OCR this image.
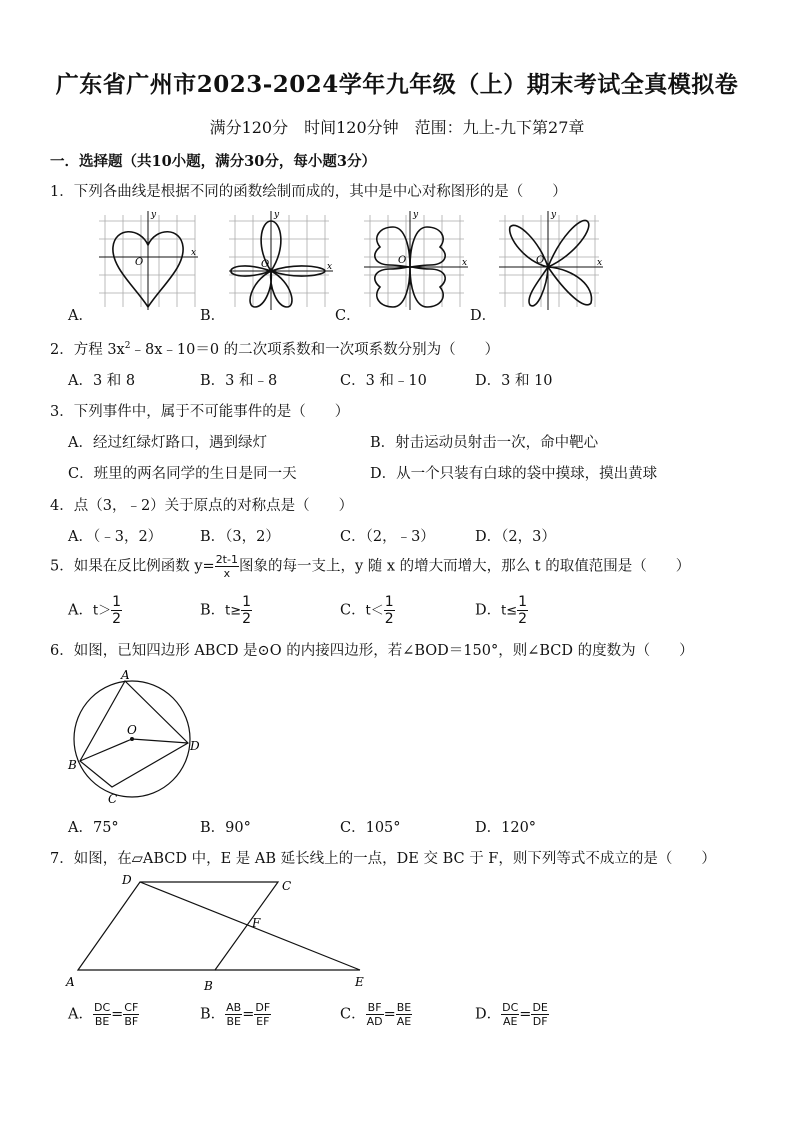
广东省广州市2023-2024学年九年级（上）期末考试全真模拟卷
满分120分　时间120分钟　范围：九上-九下第27章
一．选择题（共10小题，满分30分，每小题3分）
1．下列各曲线是根据不同的函数绘制而成的，其中是中心对称图形的是（　　）
y
x
O
y
x
O
y
x
O
y
x
O
A．	B．	C．	D．
2．方程 $3x^2﹣8x﹣10=0$ 的二次项系数和一次项系数分别为（　　）
A．3 和 8	B．3 和﹣8	C．3 和﹣10	D．3 和 10
3．下列事件中，属于不可能事件的是（　　）
A．经过红绿灯路口，遇到绿灯	B．射击运动员射击一次，命中靶心
C．班里的两名同学的生日是同一天	D．从一个只装有白球的袋中摸球，摸出黄球
4．点（3，﹣2）关于原点的对称点是（　　）
A．（﹣3，2）	B．（3，2）	C．（2，﹣3）	D．（2，3）
5．如果在反比例函数 $y= \frac{2t-1}{x}$ 图象的每一支上，y 随 x 的增大而增大，那么 t 的取值范围是（　　）
A．$t> \frac{1}{2}$	B．$t\ge \frac{1}{2}$	C．$t< \frac{1}{2}$	D．$t\le \frac{1}{2}$
6．如图，已知四边形 ABCD 是⊙O 的内接四边形，若∠BOD＝150°，则∠BCD 的度数为（　　）
A
B
C
D
O
A．75°	B．90°	C．105°	D．120°
7．如图，在▱ABCD 中，E 是 AB 延长线上的一点，DE 交 BC 于 F，则下列等式不成立的是（　　）
D	C
F
A	B	E
A． $\frac{DC}{BE} = \frac{CF}{BF}$	B． $\frac{AB}{BE} = \frac{DF}{EF}$	C． $\frac{BF}{AD} = \frac{BE}{AE}$	D． $\frac{DC}{AE} = \frac{DE}{DF}$
